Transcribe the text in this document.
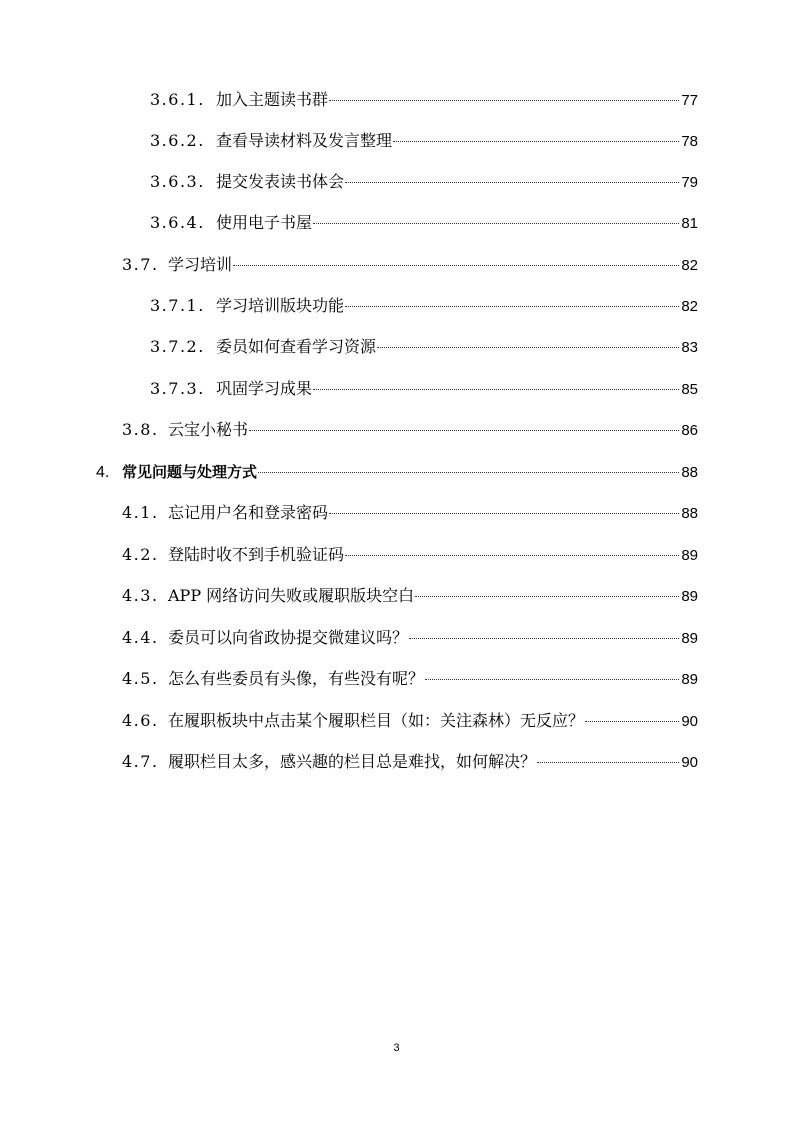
3.6.1. 加入主题读书群	77
3.6.2. 查看导读材料及发言整理	78
3.6.3. 提交发表读书体会	79
3.6.4. 使用电子书屋	81
3.7. 学习培训	82
3.7.1. 学习培训版块功能	82
3.7.2. 委员如何查看学习资源	83
3.7.3. 巩固学习成果	85
3.8. 云宝小秘书	86
4. 常见问题与处理方式	88
4.1. 忘记用户名和登录密码	88
4.2. 登陆时收不到手机验证码	89
4.3. APP 网络访问失败或履职版块空白	89
4.4. 委员可以向省政协提交微建议吗？	89
4.5. 怎么有些委员有头像，有些没有呢？	89
4.6. 在履职板块中点击某个履职栏目（如：关注森林）无反应？	90
4.7. 履职栏目太多，感兴趣的栏目总是难找，如何解决？	90
3
